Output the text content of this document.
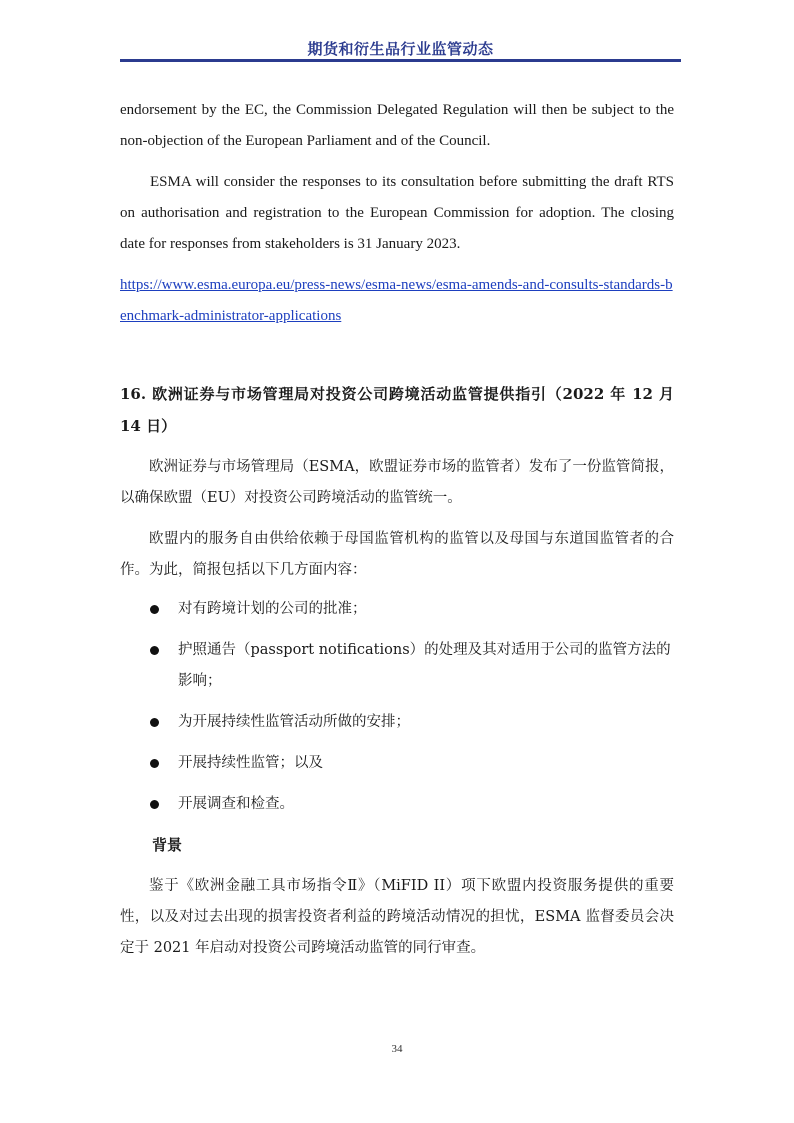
期货和衍生品行业监管动态

endorsement by the EC, the Commission Delegated Regulation will then be subject to the non-objection of the European Parliament and of the Council.

ESMA will consider the responses to its consultation before submitting the draft RTS on authorisation and registration to the European Commission for adoption. The closing date for responses from stakeholders is 31 January 2023.

https://www.esma.europa.eu/press-news/esma-news/esma-amends-and-consults-standards-benchmark-administrator-applications

16. 欧洲证券与市场管理局对投资公司跨境活动监管提供指引（2022 年 12 月 14 日）

欧洲证券与市场管理局（ESMA，欧盟证券市场的监管者）发布了一份监管简报，以确保欧盟（EU）对投资公司跨境活动的监管统一。

欧盟内的服务自由供给依赖于母国监管机构的监管以及母国与东道国监管者的合作。为此，简报包括以下几方面内容：

对有跨境计划的公司的批准；
护照通告（passport notifications）的处理及其对适用于公司的监管方法的影响；
为开展持续性监管活动所做的安排；
开展持续性监管；以及
开展调查和检查。

背景

鉴于《欧洲金融工具市场指令Ⅱ》（MiFID II）项下欧盟内投资服务提供的重要性，以及对过去出现的损害投资者利益的跨境活动情况的担忧，ESMA 监督委员会决定于 2021 年启动对投资公司跨境活动监管的同行审查。

34
